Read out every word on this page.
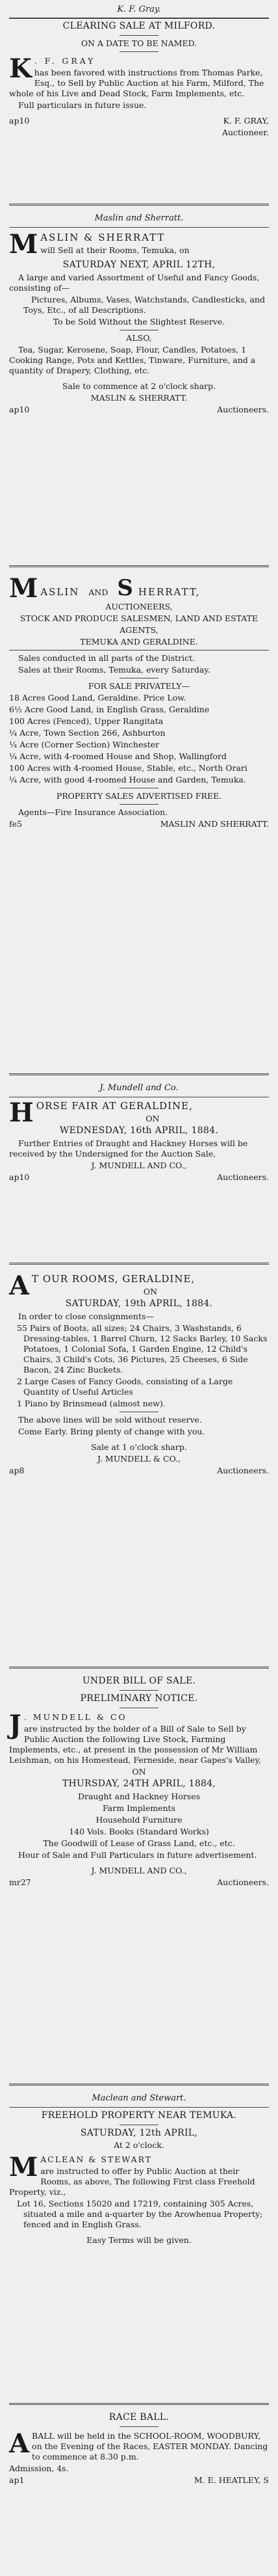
K. F. Gray.

CLEARING SALE AT MILFORD.

ON A DATE TO BE NAMED.

K . F. GRAY

has been favored with instructions from Thomas Parke, Esq., to Sell by Public Auction at his Farm, Milford, The whole of his Live and Dead Stock, Farm Implements, etc.

Full particulars in future issue.

ap10	K. F. GRAY,

Auctioneer.

Maslin and Sherratt.
M ASLIN & SHERRATT

will Sell at their Rooms, Temuka, on

SATURDAY NEXT, APRIL 12TH,

A large and varied Assortment of Useful and Fancy Goods, consisting of—

Pictures, Albums, Vases, Watchstands, Candlesticks, and Toys, Etc., of all Descriptions.

To be Sold Without the Slightest Reserve.

ALSO,

Tea, Sugar, Kerosene, Soap, Flour, Candles, Potatoes, 1 Cooking Range, Pots and Kettles, Tinware, Furniture, and a quantity of Drapery, Clothing, etc.

Sale to commence at 2 o'clock sharp.

MASLIN & SHERRATT.

ap10	Auctioneers.
M ASLIN AND S HERRATT,

AUCTIONEERS,

STOCK AND PRODUCE SALESMEN, LAND AND ESTATE

AGENTS,

TEMUKA AND GERALDINE.

Sales conducted in all parts of the District.

Sales at their Rooms, Temuka, every Saturday.

FOR SALE PRIVATELY—

18 Acres Good Land, Geraldine. Price Low.

6½ Acre Good Land, in English Grass, Geraldine

100 Acres (Fenced), Upper Rangitata

¼ Acre, Town Section 266, Ashburton

¼ Acre (Corner Section) Winchester

¼ Acre, with 4-roomed House and Shop, Wallingford

100 Acres with 4-roomed House, Stable, etc., North Orari

¼ Acre, with good 4-roomed House and Garden, Temuka.

PROPERTY SALES ADVERTISED FREE.

Agents—Fire Insurance Association.

fe5	MASLIN AND SHERRATT.
J. Mundell and Co.
H ORSE FAIR AT GERALDINE,

ON

WEDNESDAY, 16th APRIL, 1884.

Further Entries of Draught and Hackney Horses will be received by the Undersigned for the Auction Sale,

J. MUNDELL AND CO.,

ap10	Auctioneers.
A T OUR ROOMS, GERALDINE,

ON

SATURDAY, 19th APRIL, 1884.

In order to close consignments—

55 Pairs of Boots, all sizes; 24 Chairs, 3 Washstands, 6 Dressing-tables, 1 Barrel Churn, 12 Sacks Barley, 10 Sacks Potatoes, 1 Colonial Sofa, 1 Garden Engine, 12 Child's Chairs, 3 Child's Cots, 36 Pictures, 25 Cheeses, 6 Side Bacon, 24 Zinc Buckets.

2 Large Cases of Fancy Goods, consisting of a Large Quantity of Useful Articles

1 Piano by Brinsmead (almost new).

The above lines will be sold without reserve.

Come Early. Bring plenty of change with you.

Sale at 1 o'clock sharp.

J. MUNDELL & CO.,

ap8	Auctioneers.

UNDER BILL OF SALE.

PRELIMINARY NOTICE.

J . MUNDELL & CO

are instructed by the holder of a Bill of Sale to Sell by Public Auction the following Live Stock, Farming Implements, etc., at present in the possession of Mr William Leishman, on his Homestead, Ferneside, near Gapes's Valley,

ON

THURSDAY, 24TH APRIL, 1884,

Draught and Hackney Horses

Farm Implements

Household Furniture

140 Vols. Books (Standard Works)

The Goodwill of Lease of Grass Land, etc., etc.

Hour of Sale and Full Particulars in future advertisement.

J. MUNDELL AND CO.,

mr27	Auctioneers.
Maclean and Stewart.

FREEHOLD PROPERTY NEAR TEMUKA.

SATURDAY, 12th APRIL,

At 2 o'clock.

M ACLEAN & STEWART

are instructed to offer by Public Auction at their Rooms, as above, The following First class Freehold Property, viz.,

Lot 16, Sections 15020 and 17219, containing 305 Acres, situated a mile and a-quarter by the Arowhenua Property; fenced and in English Grass.

Easy Terms will be given.

RACE BALL.

A BALL will be held in the SCHOOL-ROOM, WOODBURY, on the Evening of the Races, EASTER MONDAY. Dancing to commence at 8.30 p.m.

Admission, 4s.

ap1	M. E. HEATLEY, S
